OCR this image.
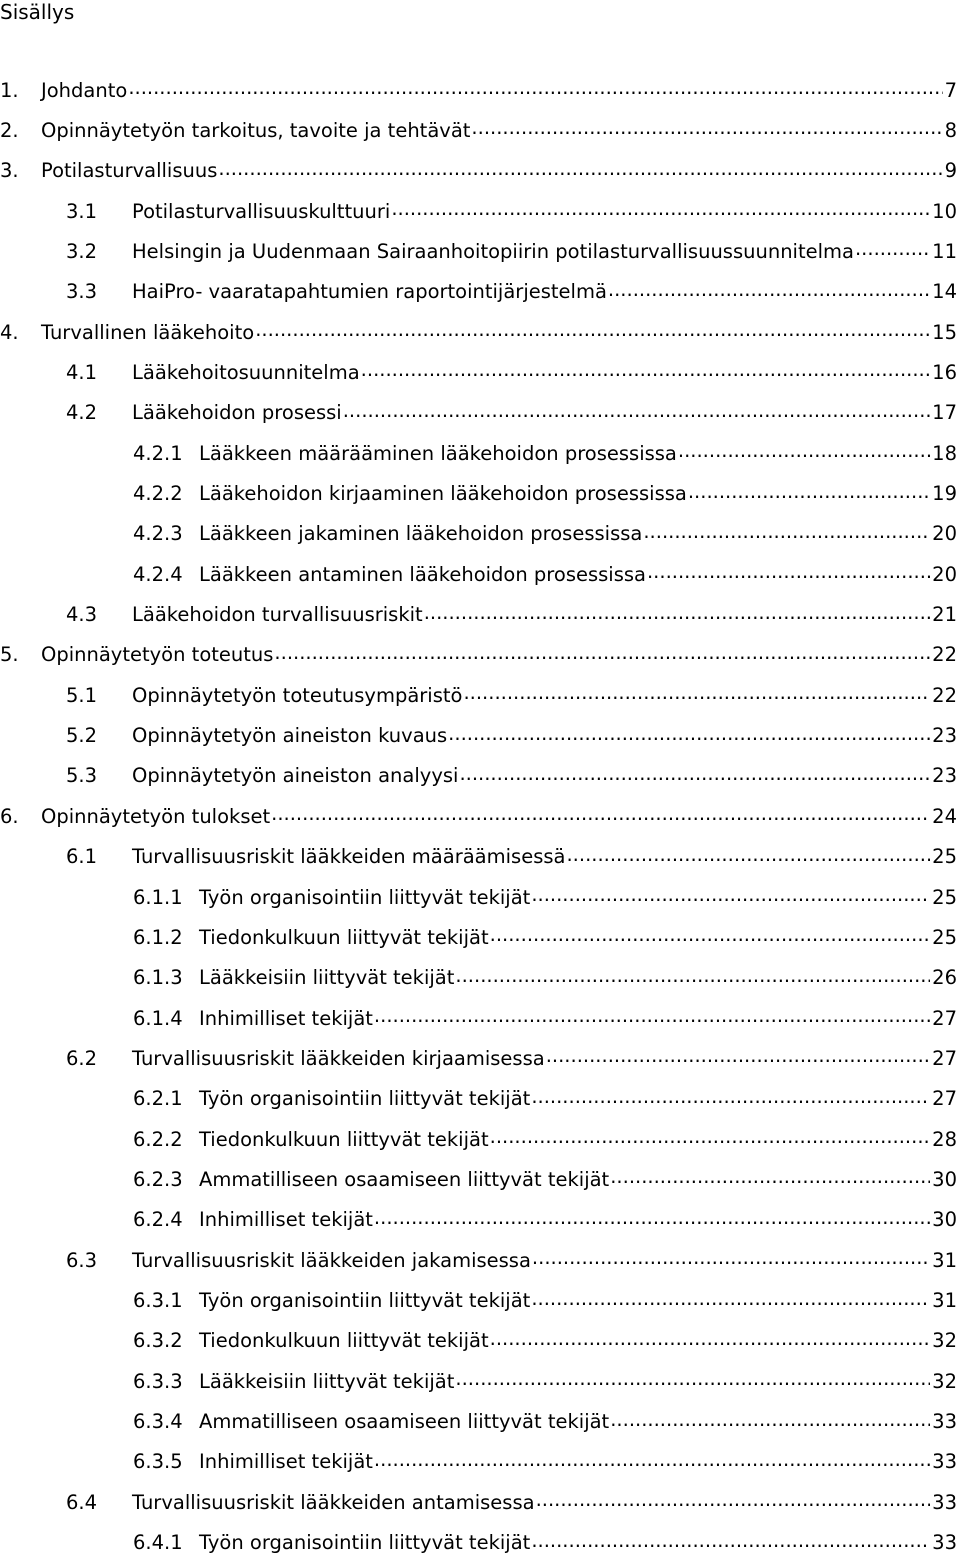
Sisällys
1.	Johdanto .....	7
2.	Opinnäytetyön tarkoitus, tavoite ja tehtävät .....	8
3.	Potilasturvallisuus .....	9
3.1	Potilasturvallisuuskulttuuri .....	10
3.2	Helsingin ja Uudenmaan Sairaanhoitopiirin potilasturvallisuussuunnitelma .....	11
3.3	HaiPro- vaaratapahtumien raportointijärjestelmä .....	14
4.	Turvallinen lääkehoito .....	15
4.1	Lääkehoitosuunnitelma .....	16
4.2	Lääkehoidon prosessi .....	17
4.2.1 Lääkkeen määrääminen lääkehoidon prosessissa .....	18
4.2.2 Lääkehoidon kirjaaminen lääkehoidon prosessissa .....	19
4.2.3 Lääkkeen jakaminen lääkehoidon prosessissa .....	20
4.2.4 Lääkkeen antaminen lääkehoidon prosessissa .....	20
4.3	Lääkehoidon turvallisuusriskit .....	21
5.	Opinnäytetyön toteutus .....	22
5.1	Opinnäytetyön toteutusympäristö .....	22
5.2	Opinnäytetyön aineiston kuvaus .....	23
5.3	Opinnäytetyön aineiston analyysi .....	23
6.	Opinnäytetyön tulokset .....	24
6.1	Turvallisuusriskit lääkkeiden määräämisessä .....	25
6.1.1 Työn organisointiin liittyvät tekijät .....	25
6.1.2 Tiedonkulkuun liittyvät tekijät .....	25
6.1.3 Lääkkeisiin liittyvät tekijät .....	26
6.1.4 Inhimilliset tekijät .....	27
6.2	Turvallisuusriskit lääkkeiden kirjaamisessa .....	27
6.2.1 Työn organisointiin liittyvät tekijät .....	27
6.2.2 Tiedonkulkuun liittyvät tekijät .....	28
6.2.3 Ammatilliseen osaamiseen liittyvät tekijät .....	30
6.2.4 Inhimilliset tekijät .....	30
6.3	Turvallisuusriskit lääkkeiden jakamisessa .....	31
6.3.1 Työn organisointiin liittyvät tekijät .....	31
6.3.2 Tiedonkulkuun liittyvät tekijät .....	32
6.3.3 Lääkkeisiin liittyvät tekijät .....	32
6.3.4 Ammatilliseen osaamiseen liittyvät tekijät .....	33
6.3.5 Inhimilliset tekijät .....	33
6.4	Turvallisuusriskit lääkkeiden antamisessa .....	33
6.4.1 Työn organisointiin liittyvät tekijät .....	33
